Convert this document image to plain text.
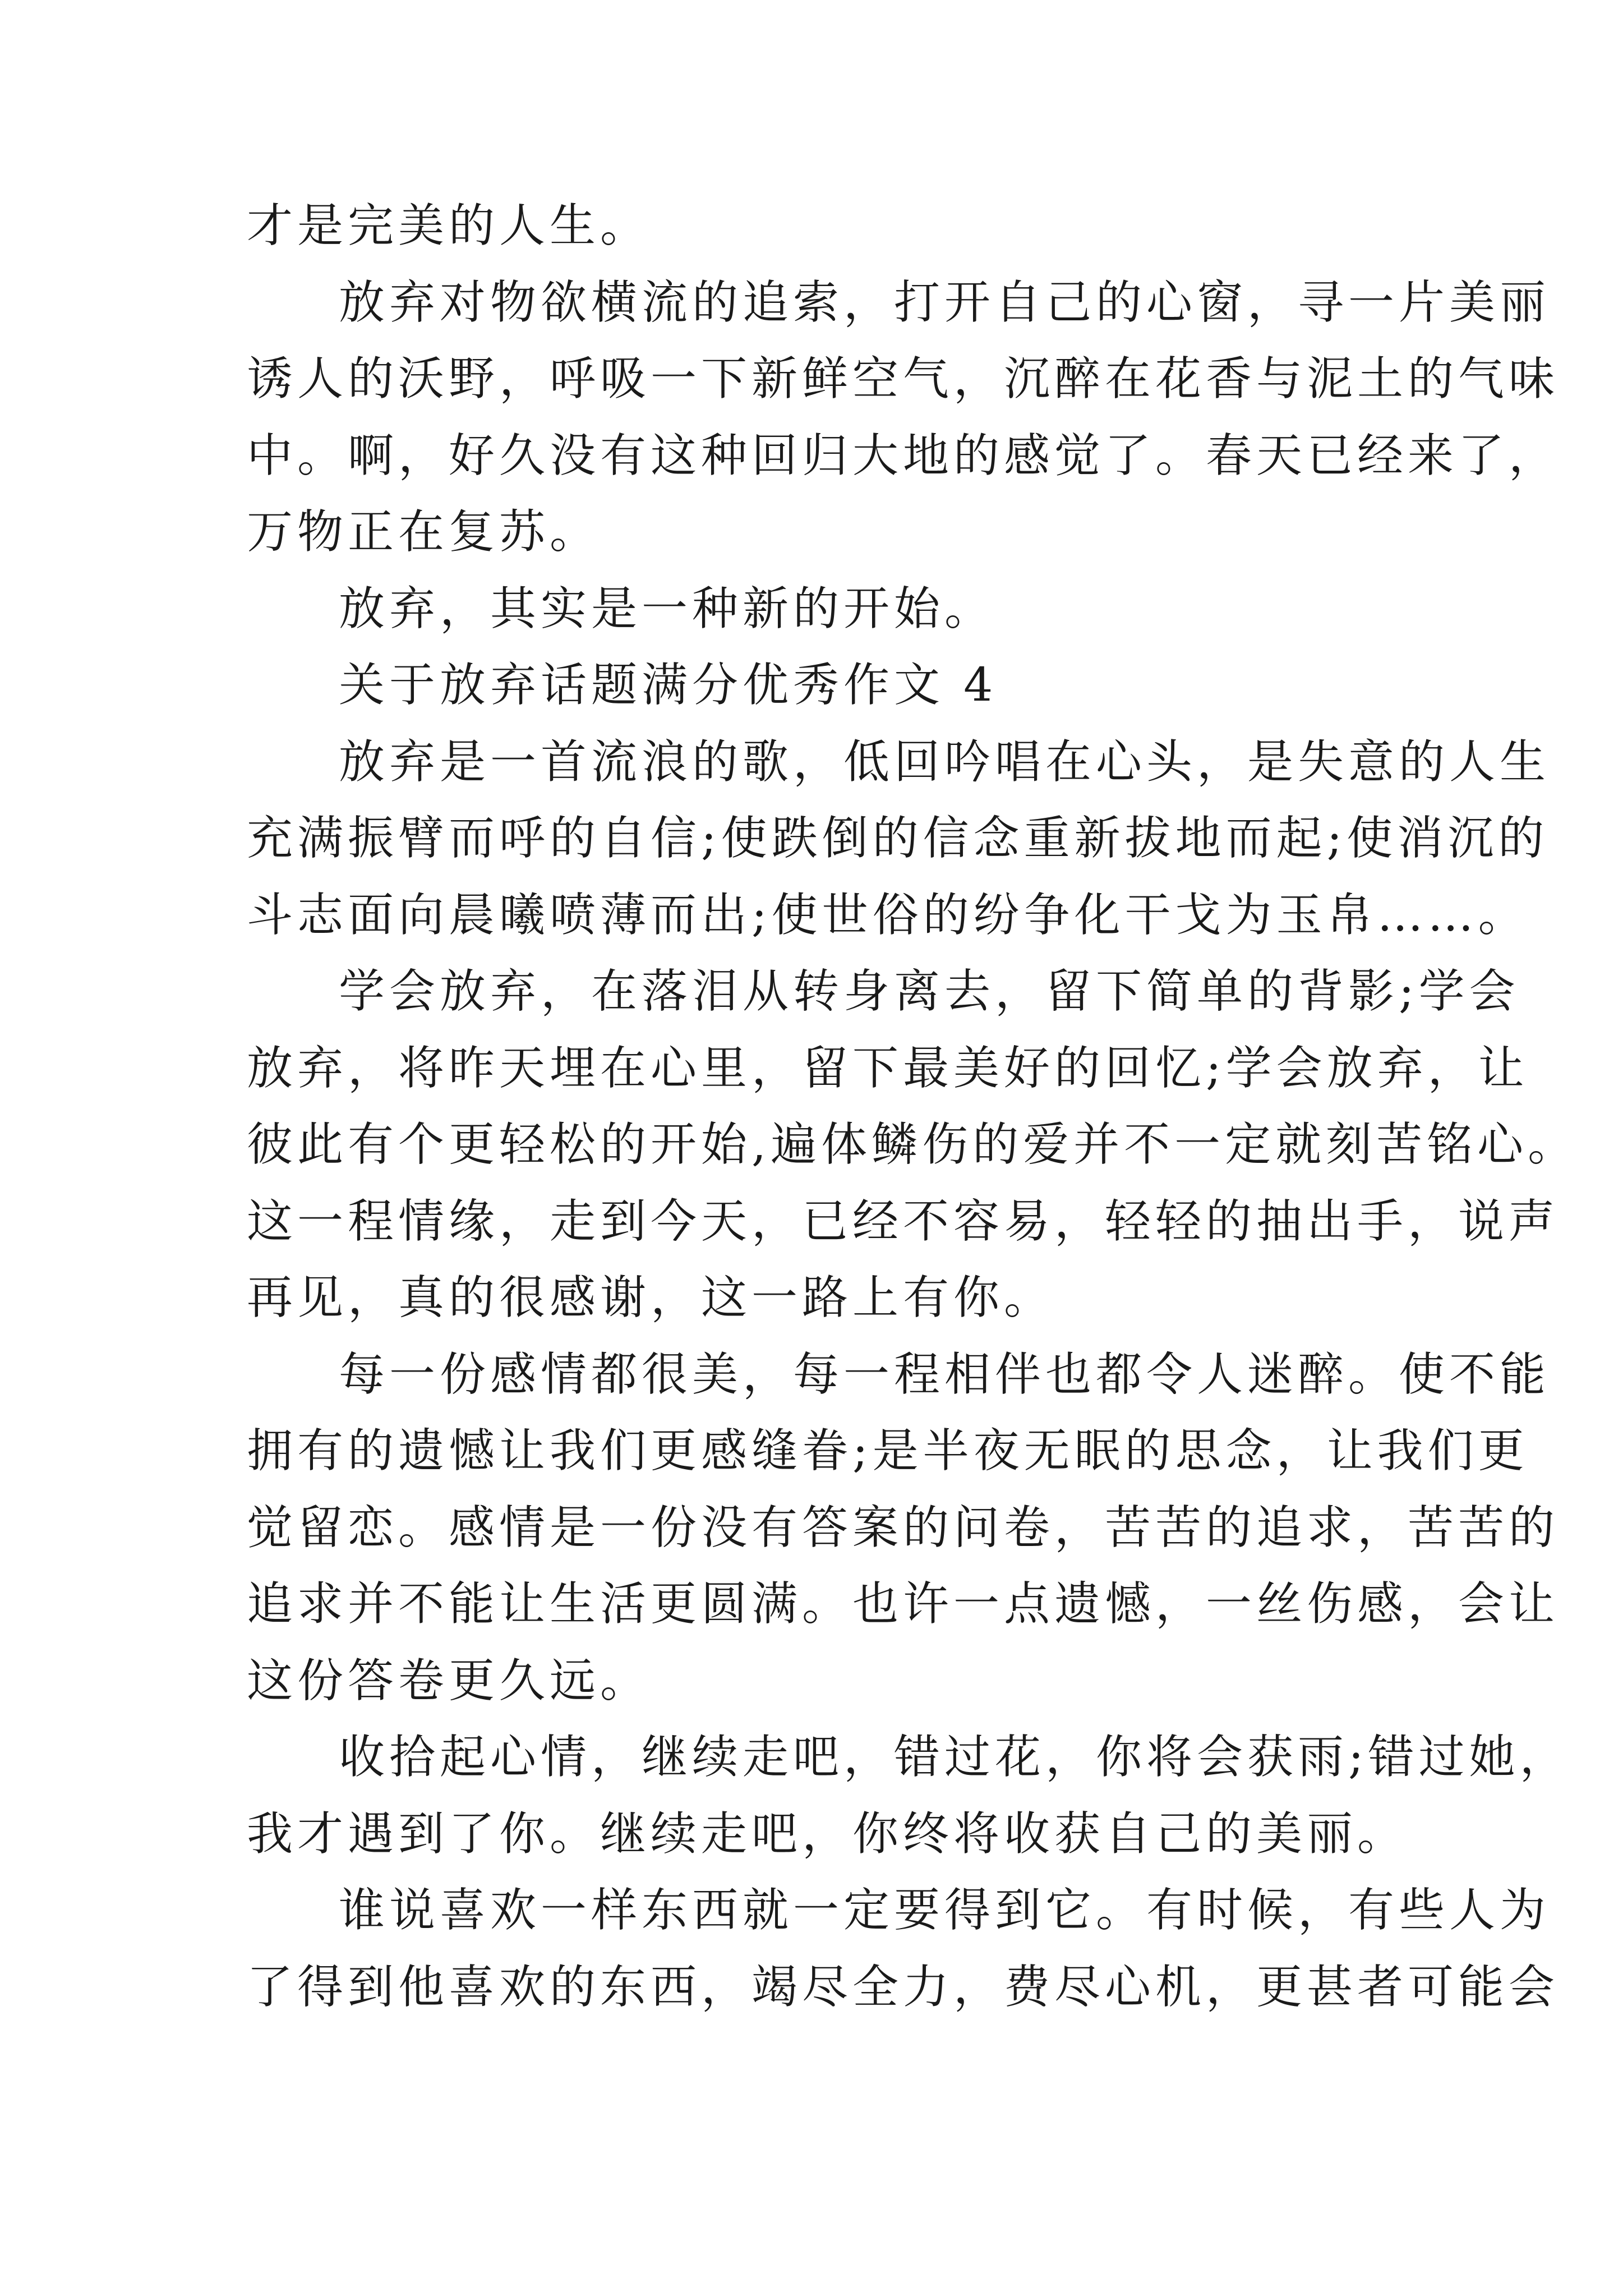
才是完美的人生。
放弃对物欲横流的追索，打开自己的心窗，寻一片美丽
诱人的沃野，呼吸一下新鲜空气，沉醉在花香与泥土的气味
中。啊，好久没有这种回归大地的感觉了。春天已经来了，
万物正在复苏。
放弃，其实是一种新的开始。
关于放弃话题满分优秀作文 4
放弃是一首流浪的歌，低回吟唱在心头，是失意的人生
充满振臂而呼的自信;使跌倒的信念重新拔地而起;使消沉的
斗志面向晨曦喷薄而出;使世俗的纷争化干戈为玉帛……。
学会放弃，在落泪从转身离去，留下简单的背影;学会
放弃，将昨天埋在心里，留下最美好的回忆;学会放弃，让
彼此有个更轻松的开始,遍体鳞伤的爱并不一定就刻苦铭心。
这一程情缘，走到今天，已经不容易，轻轻的抽出手，说声
再见，真的很感谢，这一路上有你。
每一份感情都很美，每一程相伴也都令人迷醉。使不能
拥有的遗憾让我们更感缝眷;是半夜无眠的思念，让我们更
觉留恋。感情是一份没有答案的问卷，苦苦的追求，苦苦的
追求并不能让生活更圆满。也许一点遗憾，一丝伤感，会让
这份答卷更久远。
收拾起心情，继续走吧，错过花，你将会获雨;错过她，
我才遇到了你。继续走吧，你终将收获自己的美丽。
谁说喜欢一样东西就一定要得到它。有时候，有些人为
了得到他喜欢的东西，竭尽全力，费尽心机，更甚者可能会
